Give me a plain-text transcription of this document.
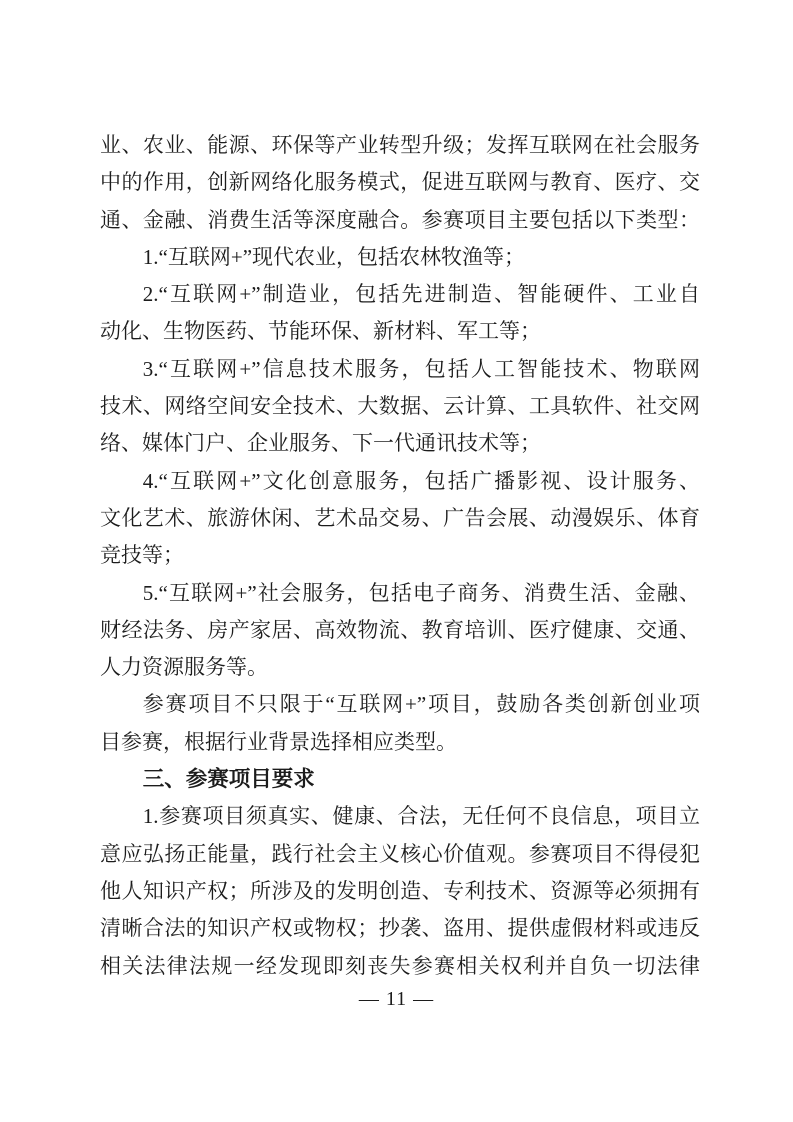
业、农业、能源、环保等产业转型升级；发挥互联网在社会服务
中的作用，创新网络化服务模式，促进互联网与教育、医疗、交
通、金融、消费生活等深度融合。参赛项目主要包括以下类型：
1.“互联网+”现代农业，包括农林牧渔等；
2.“互联网+”制造业，包括先进制造、智能硬件、工业自
动化、生物医药、节能环保、新材料、军工等；
3.“互联网+”信息技术服务，包括人工智能技术、物联网
技术、网络空间安全技术、大数据、云计算、工具软件、社交网
络、媒体门户、企业服务、下一代通讯技术等；
4.“互联网+”文化创意服务，包括广播影视、设计服务、
文化艺术、旅游休闲、艺术品交易、广告会展、动漫娱乐、体育
竞技等；
5.“互联网+”社会服务，包括电子商务、消费生活、金融、
财经法务、房产家居、高效物流、教育培训、医疗健康、交通、
人力资源服务等。
参赛项目不只限于“互联网+”项目，鼓励各类创新创业项
目参赛，根据行业背景选择相应类型。
三、参赛项目要求
1.参赛项目须真实、健康、合法，无任何不良信息，项目立
意应弘扬正能量，践行社会主义核心价值观。参赛项目不得侵犯
他人知识产权；所涉及的发明创造、专利技术、资源等必须拥有
清晰合法的知识产权或物权；抄袭、盗用、提供虚假材料或违反
相关法律法规一经发现即刻丧失参赛相关权利并自负一切法律
— 11 —
